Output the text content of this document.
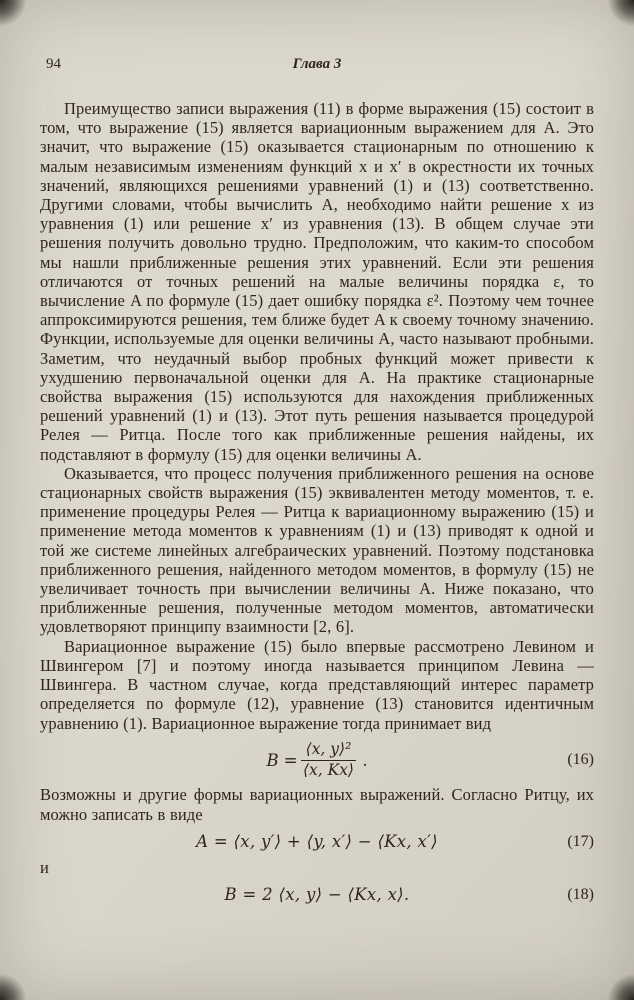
94	Глава 3

Преимущество записи выражения (11) в форме выражения (15) состоит в том, что выражение (15) является вариационным выражением для A. Это значит, что выражение (15) оказывается стационарным по отношению к малым независимым изменениям функций x и x′ в окрестности их точных значений, являющихся решениями уравнений (1) и (13) соответственно. Другими словами, чтобы вычислить A, необходимо найти решение x из уравнения (1) или решение x′ из уравнения (13). В общем случае эти решения получить довольно трудно. Предположим, что каким-то способом мы нашли приближенные решения этих уравнений. Если эти решения отличаются от точных решений на малые величины порядка ε, то вычисление A по формуле (15) дает ошибку порядка ε². Поэтому чем точнее аппроксимируются решения, тем ближе будет A к своему точному значению. Функции, используемые для оценки величины A, часто называют пробными. Заметим, что неудачный выбор пробных функций может привести к ухудшению первоначальной оценки для A. На практике стационарные свойства выражения (15) используются для нахождения приближенных решений уравнений (1) и (13). Этот путь решения называется процедурой Релея — Ритца. После того как приближенные решения найдены, их подставляют в формулу (15) для оценки величины A.

Оказывается, что процесс получения приближенного решения на основе стационарных свойств выражения (15) эквивалентен методу моментов, т. е. применение процедуры Релея — Ритца к вариационному выражению (15) и применение метода моментов к уравнениям (1) и (13) приводят к одной и той же системе линейных алгебраических уравнений. Поэтому подстановка приближенного решения, найденного методом моментов, в формулу (15) не увеличивает точность при вычислении величины A. Ниже показано, что приближенные решения, полученные методом моментов, автоматически удовлетворяют принципу взаимности [2, 6].

Вариационное выражение (15) было впервые рассмотрено Левином и Швингером [7] и поэтому иногда называется принципом Левина — Швингера. В частном случае, когда представляющий интерес параметр определяется по формуле (12), уравнение (13) становится идентичным уравнению (1). Вариационное выражение тогда принимает вид

$B = \frac{\text{⟨x, y⟩²}}{⟨x, Kx⟩}$ .	(16)

Возможны и другие формы вариационных выражений. Согласно Ритцу, их можно записать в виде

A = ⟨x, y′⟩ + ⟨y, x′⟩ − ⟨Kx, x′⟩	(17)

и

B = 2 ⟨x, y⟩ − ⟨Kx, x⟩.	(18)
